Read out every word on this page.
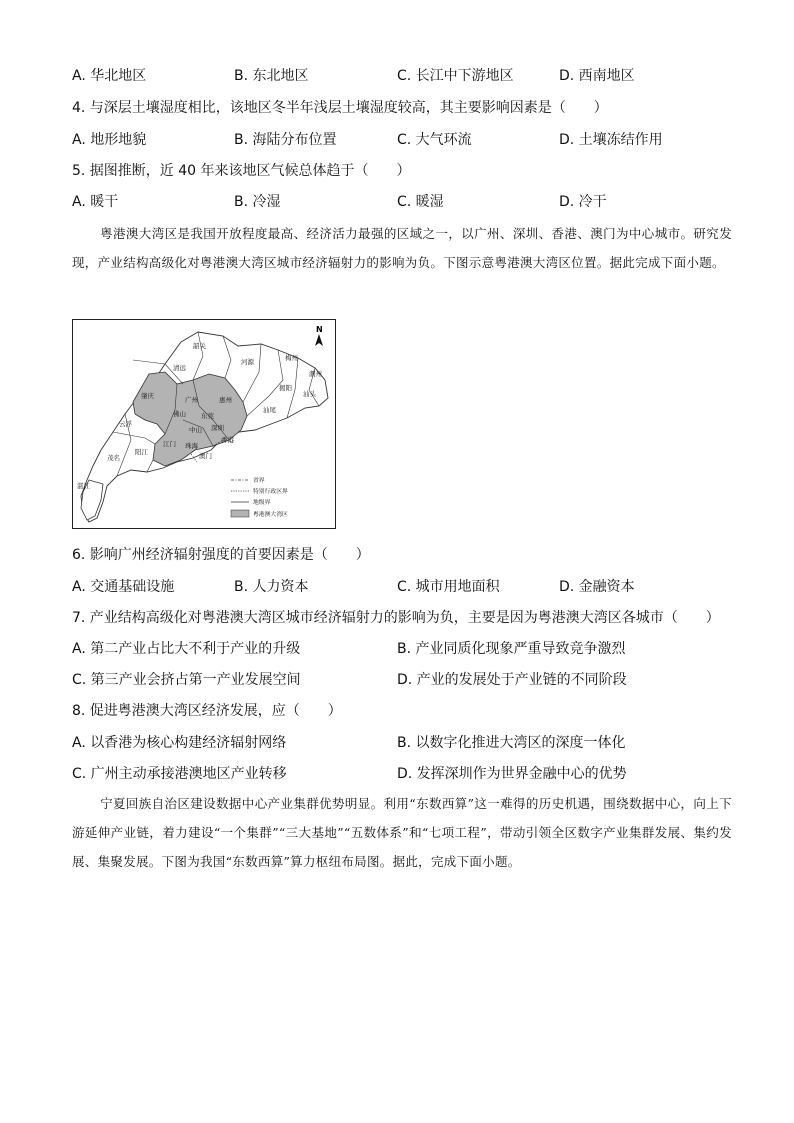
A. 华北地区	B. 东北地区	C. 长江中下游地区	D. 西南地区
4. 与深层土壤湿度相比，该地区冬半年浅层土壤湿度较高，其主要影响因素是（　　）
A. 地形地貌	B. 海陆分布位置	C. 大气环流	D. 土壤冻结作用
5. 据图推断，近 40 年来该地区气候总体趋于（　　）
A. 暖干	B. 冷湿	C. 暖湿	D. 冷干
粤港澳大湾区是我国开放程度最高、经济活力最强的区域之一，以广州、深圳、香港、澳门为中心城市。研究发现，产业结构高级化对粤港澳大湾区城市经济辐射力的影响为负。下图示意粤港澳大湾区位置。据此完成下面小题。
韶关
清远
河源	梅州
潮州
揭阳
汕头
汕尾
肇庆	广州	惠州
佛山 东莞
深圳
中山
云浮
江门 珠海
香港
澳门
阳江
茂名
湛江
N
省界
特别行政区界
地级界
粤港澳大湾区
6. 影响广州经济辐射强度的首要因素是（　　）
A. 交通基础设施	B. 人力资本	C. 城市用地面积	D. 金融资本
7. 产业结构高级化对粤港澳大湾区城市经济辐射力的影响为负，主要是因为粤港澳大湾区各城市（　　）
A. 第二产业占比大不利于产业的升级	B. 产业同质化现象严重导致竞争激烈
C. 第三产业会挤占第一产业发展空间	D. 产业的发展处于产业链的不同阶段
8. 促进粤港澳大湾区经济发展，应（　　）
A. 以香港为核心构建经济辐射网络	B. 以数字化推进大湾区的深度一体化
C. 广州主动承接港澳地区产业转移	D. 发挥深圳作为世界金融中心的优势
宁夏回族自治区建设数据中心产业集群优势明显。利用“东数西算”这一难得的历史机遇，围绕数据中心，向上下游延伸产业链，着力建设“一个集群”“三大基地”“五数体系”和“七项工程”，带动引领全区数字产业集群发展、集约发展、集聚发展。下图为我国“东数西算”算力枢纽布局图。据此，完成下面小题。
